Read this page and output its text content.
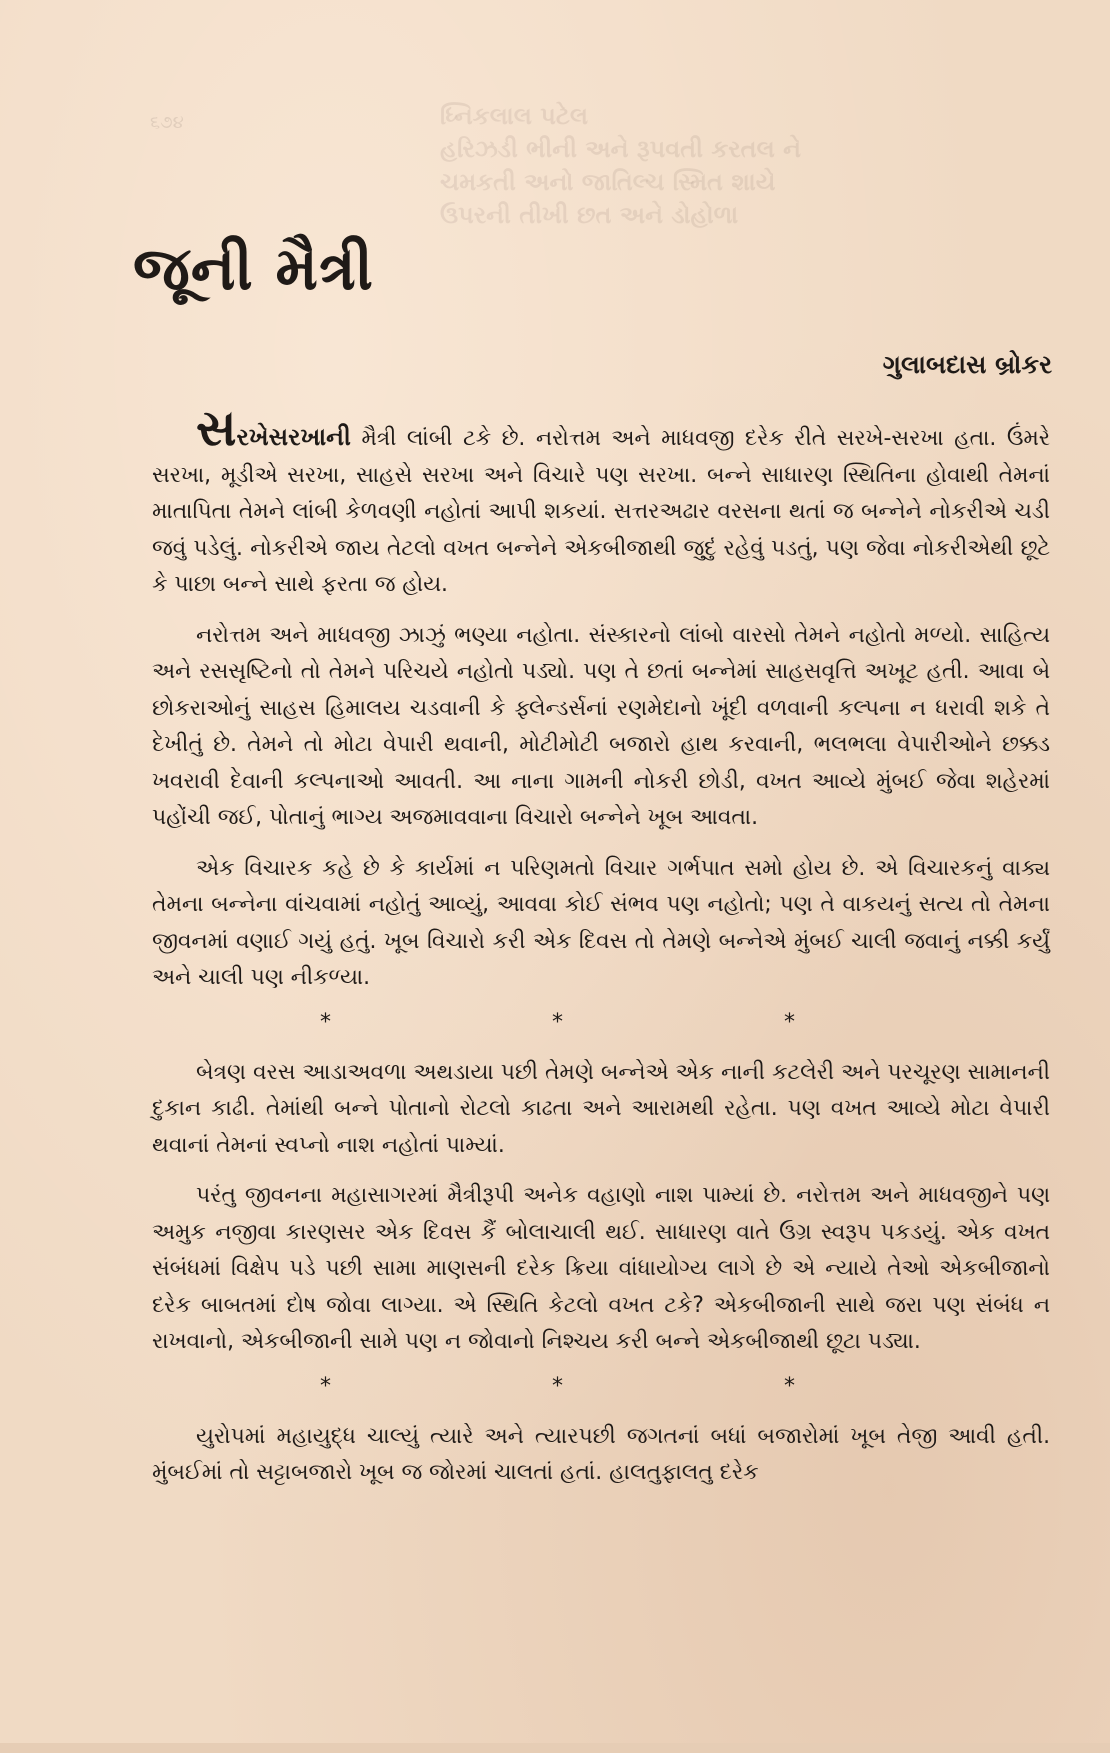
૬૭૪	ધ્નિકલાલ પટેલ
હરિઝડી ભીની અને રૂપવતી કરતલ ને
ચમકતી અનો જાતિલ્ચ સ્મિત શાયે
ઉપરની તીખી છત અને ડોહોળા
જૂની મૈત્રી
ગુલાબદાસ બ્રોકર

સરખેસરખાની મૈત્રી લાંબી ટકે છે. નરોત્તમ અને માધવજી દરેક રીતે સરખે-સરખા હતા. ઉંમરે સરખા, મૂડીએ સરખા, સાહસે સરખા અને વિચારે પણ સરખા. બન્ને સાધારણ સ્થિતિના હોવાથી તેમનાં માતાપિતા તેમને લાંબી કેળવણી નહોતાં આપી શકયાં. સત્તરઅઢાર વરસના થતાં જ બન્નેને નોકરીએ ચડી જવું પડેલું. નોકરીએ જાય તેટલો વખત બન્નેને એકબીજાથી જુદું રહેવું પડતું, પણ જેવા નોકરીએથી છૂટે કે પાછા બન્ને સાથે ફરતા જ હોય.

નરોત્તમ અને માધવજી ઝાઝું ભણ્યા નહોતા. સંસ્કારનો લાંબો વારસો તેમને નહોતો મળ્યો. સાહિત્ય અને રસસૃષ્ટિનો તો તેમને પરિચયે નહોતો પડ્યો. પણ તે છતાં બન્નેમાં સાહસવૃત્તિ અખૂટ હતી. આવા બે છોકરાઓનું સાહસ હિમાલય ચડવાની કે ફ્લેન્ડર્સનાં રણમેદાનો ખૂંદી વળવાની કલ્પના ન ધરાવી શકે તે દેખીતું છે. તેમને તો મોટા વેપારી થવાની, મોટીમોટી બજારો હાથ કરવાની, ભલભલા વેપારીઓને છક્કડ ખવરાવી દેવાની કલ્પનાઓ આવતી. આ નાના ગામની નોકરી છોડી, વખત આવ્યે મુંબઈ જેવા શહેરમાં પહોંચી જઈ, પોતાનું ભાગ્ય અજમાવવાના વિચારો બન્નેને ખૂબ આવતા.

એક વિચારક કહે છે કે કાર્યમાં ન પરિણમતો વિચાર ગર્ભપાત સમો હોય છે. એ વિચારકનું વાક્ય તેમના બન્નેના વાંચવામાં નહોતું આવ્યું, આવવા કોઈ સંભવ પણ નહોતો; પણ તે વાકયનું સત્ય તો તેમના જીવનમાં વણાઈ ગયું હતું. ખૂબ વિચારો કરી એક દિવસ તો તેમણે બન્નેએ મુંબઈ ચાલી જવાનું નક્કી કર્યું અને ચાલી પણ નીકળ્યા.

*	*	*

બેત્રણ વરસ આડાઅવળા અથડાયા પછી તેમણે બન્નેએ એક નાની કટલેરી અને પરચૂરણ સામાનની દુકાન કાઢી. તેમાંથી બન્ને પોતાનો રોટલો કાઢતા અને આરામથી રહેતા. પણ વખત આવ્યે મોટા વેપારી થવાનાં તેમનાં સ્વપ્નો નાશ નહોતાં પામ્યાં.

પરંતુ જીવનના મહાસાગરમાં મૈત્રીરૂપી અનેક વહાણો નાશ પામ્યાં છે. નરોત્તમ અને માધવજીને પણ અમુક નજીવા કારણસર એક દિવસ કૈં બોલાચાલી થઈ. સાધારણ વાતે ઉગ્ર સ્વરૂપ પકડયું. એક વખત સંબંધમાં વિક્ષેપ પડે પછી સામા માણસની દરેક ક્રિયા વાંધાયોગ્ય લાગે છે એ ન્યાયે તેઓ એકબીજાનો દરેક બાબતમાં દોષ જોવા લાગ્યા. એ સ્થિતિ કેટલો વખત ટકે? એકબીજાની સાથે જરા પણ સંબંધ ન રાખવાનો, એકબીજાની સામે પણ ન જોવાનો નિશ્ચય કરી બન્ને એકબીજાથી છૂટા પડ્યા.

*	*	*

યુરોપમાં મહાયુદ્ધ ચાલ્યું ત્યારે અને ત્યારપછી જગતનાં બધાં બજારોમાં ખૂબ તેજી આવી હતી. મુંબઈમાં તો સટ્ટાબજારો ખૂબ જ જોરમાં ચાલતાં હતાં. હાલતુફાલતુ દરેક
